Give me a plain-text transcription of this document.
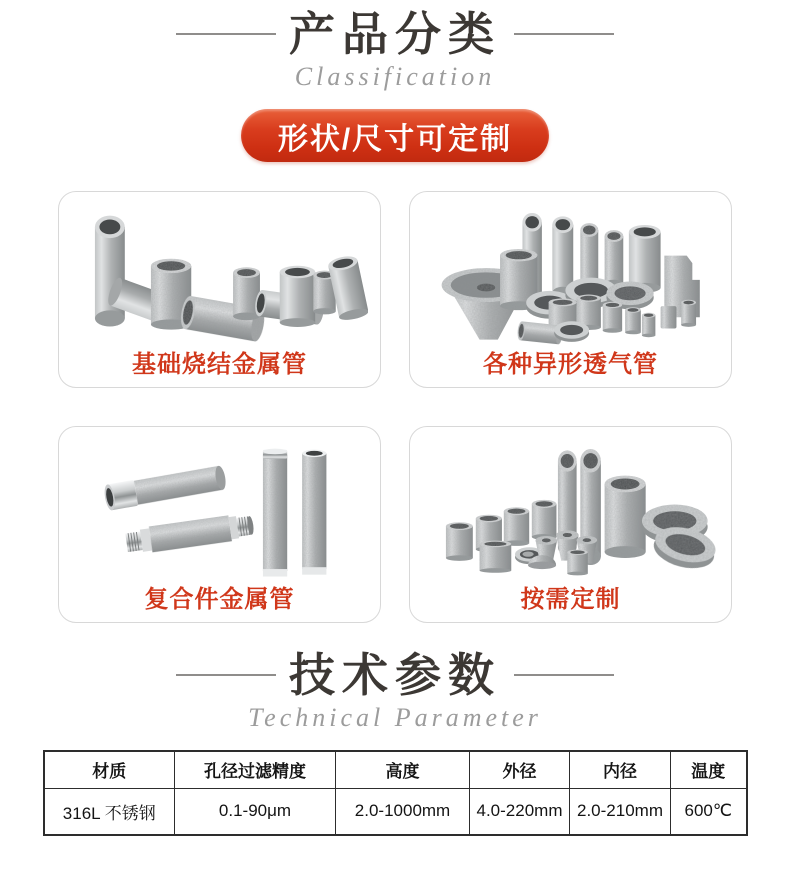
产品分类
Classification
形状/尺寸可定制
基础烧结金属管	各种异形透气管
复合件金属管	按需定制
技术参数
Technical Parameter
材质	孔径过滤精度	高度	外径	内径	温度
316L 不锈钢	0.1-90μm	2.0-1000mm	4.0-220mm	2.0-210mm	600℃
